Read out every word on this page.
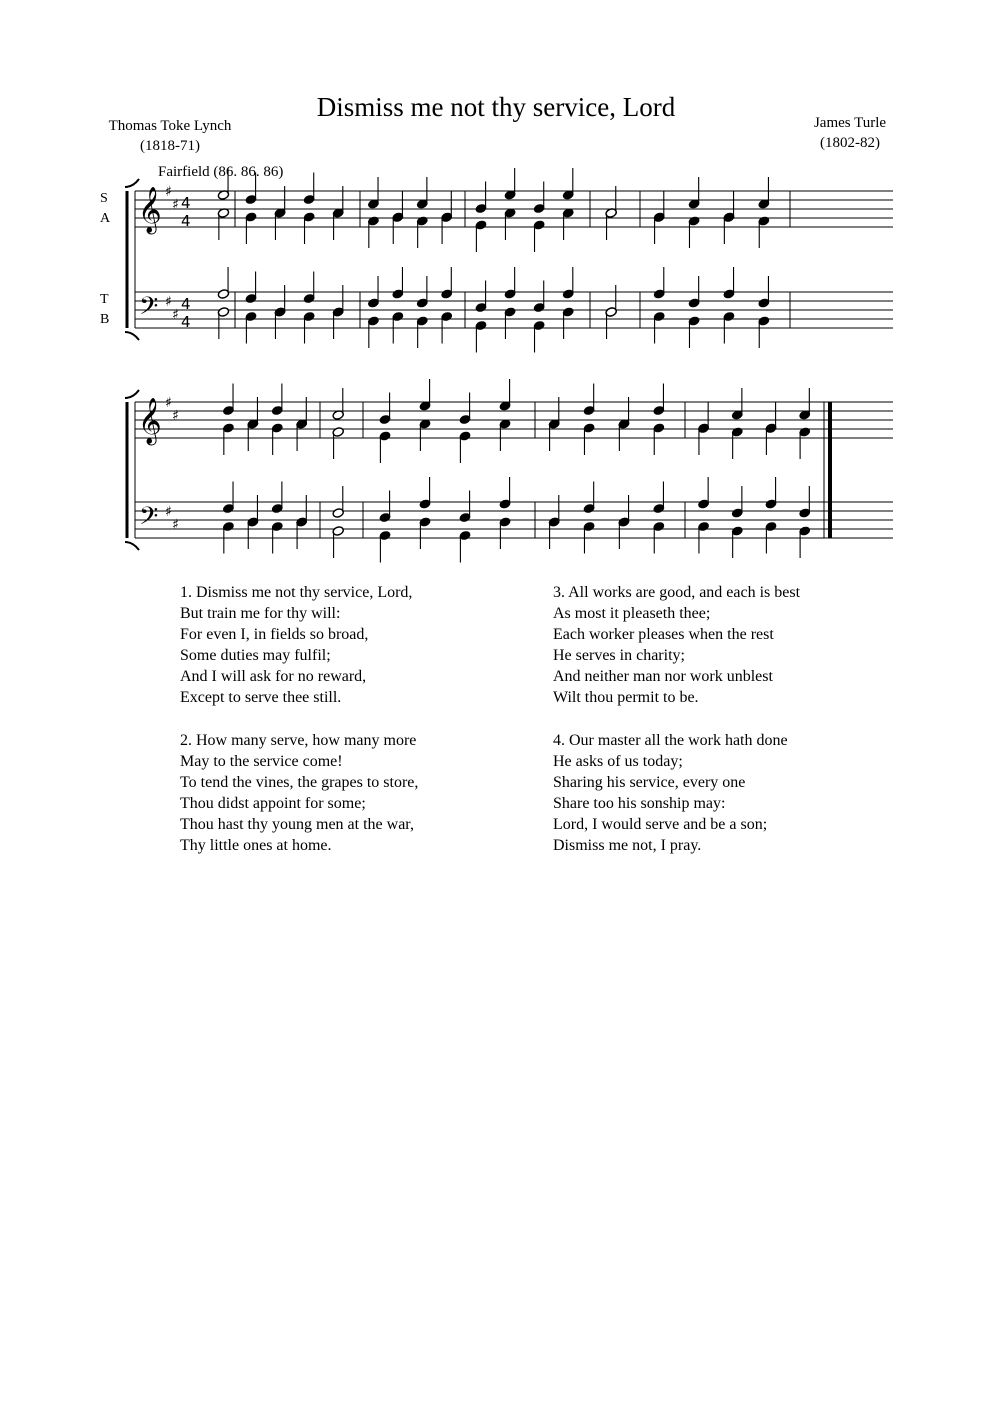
Dismiss me not thy service, Lord
Thomas Toke Lynch
(1818-71)
James Turle
(1802-82)
Fairfield (86. 86. 86)
S
A
T
B
𝄞
𝄢
♯
♯
♯
♯
4
4
4
4
𝄞
𝄢
♯
♯
♯
♯
1. Dismiss me not thy service, Lord,
But train me for thy will:
For even I, in fields so broad,
Some duties may fulfil;
And I will ask for no reward,
Except to serve thee still.
2. How many serve, how many more
May to the service come!
To tend the vines, the grapes to store,
Thou didst appoint for some;
Thou hast thy young men at the war,
Thy little ones at home.
3. All works are good, and each is best
As most it pleaseth thee;
Each worker pleases when the rest
He serves in charity;
And neither man nor work unblest
Wilt thou permit to be.
4. Our master all the work hath done
He asks of us today;
Sharing his service, every one
Share too his sonship may:
Lord, I would serve and be a son;
Dismiss me not, I pray.
